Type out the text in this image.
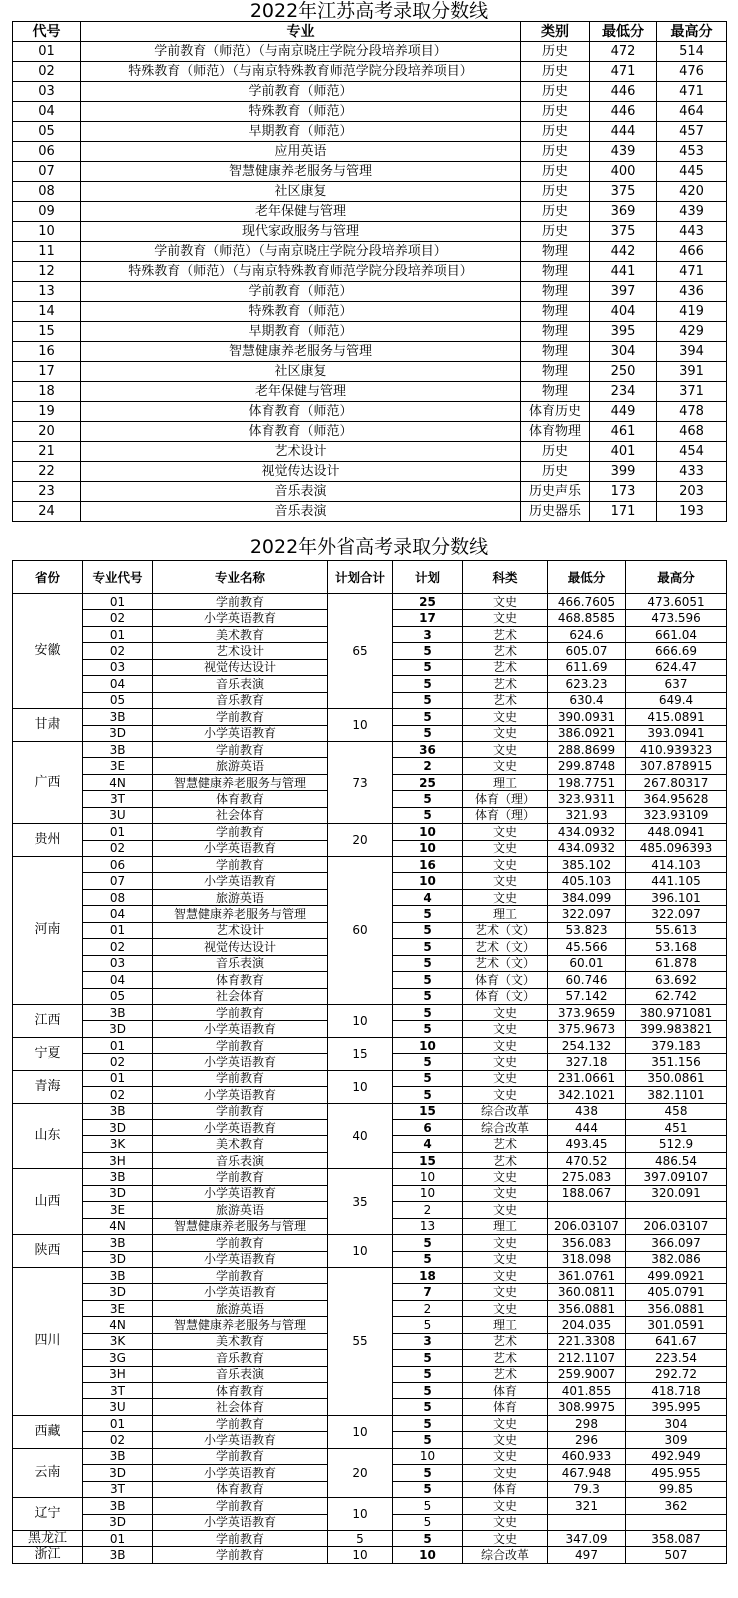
2022年江苏高考录取分数线
代号	专业	类别	最低分	最高分
01	学前教育（师范）（与南京晓庄学院分段培养项目）	历史	472	514
02	特殊教育（师范）（与南京特殊教育师范学院分段培养项目）	历史	471	476
03	学前教育（师范）	历史	446	471
04	特殊教育（师范）	历史	446	464
05	早期教育（师范）	历史	444	457
06	应用英语	历史	439	453
07	智慧健康养老服务与管理	历史	400	445
08	社区康复	历史	375	420
09	老年保健与管理	历史	369	439
10	现代家政服务与管理	历史	375	443
11	学前教育（师范）（与南京晓庄学院分段培养项目）	物理	442	466
12	特殊教育（师范）（与南京特殊教育师范学院分段培养项目）	物理	441	471
13	学前教育（师范）	物理	397	436
14	特殊教育（师范）	物理	404	419
15	早期教育（师范）	物理	395	429
16	智慧健康养老服务与管理	物理	304	394
17	社区康复	物理	250	391
18	老年保健与管理	物理	234	371
19	体育教育（师范）	体育历史	449	478
20	体育教育（师范）	体育物理	461	468
21	艺术设计	历史	401	454
22	视觉传达设计	历史	399	433
23	音乐表演	历史声乐	173	203
24	音乐表演	历史器乐	171	193
2022年外省高考录取分数线
省份	专业代号	专业名称	计划合计	计划	科类	最低分	最高分
安徽	01	学前教育	65	25	文史	466.7605	473.6051
	02	小学英语教育		17	文史	468.8585	473.596
	01	美术教育		3	艺术	624.6	661.04
	02	艺术设计		5	艺术	605.07	666.69
	03	视觉传达设计		5	艺术	611.69	624.47
	04	音乐表演		5	艺术	623.23	637
	05	音乐教育		5	艺术	630.4	649.4
甘肃	3B	学前教育	10	5	文史	390.0931	415.0891
	3D	小学英语教育		5	文史	386.0921	393.0941
广西	3B	学前教育	73	36	文史	288.8699	410.939323
	3E	旅游英语		2	文史	299.8748	307.878915
	4N	智慧健康养老服务与管理		25	理工	198.7751	267.80317
	3T	体育教育		5	体育（理）	323.9311	364.95628
	3U	社会体育		5	体育（理）	321.93	323.93109
贵州	01	学前教育	20	10	文史	434.0932	448.0941
	02	小学英语教育		10	文史	434.0932	485.096393
河南	06	学前教育	60	16	文史	385.102	414.103
	07	小学英语教育		10	文史	405.103	441.105
	08	旅游英语		4	文史	384.099	396.101
	04	智慧健康养老服务与管理		5	理工	322.097	322.097
	01	艺术设计		5	艺术（文）	53.823	55.613
	02	视觉传达设计		5	艺术（文）	45.566	53.168
	03	音乐表演		5	艺术（文）	60.01	61.878
	04	体育教育		5	体育（文）	60.746	63.692
	05	社会体育		5	体育（文）	57.142	62.742
江西	3B	学前教育	10	5	文史	373.9659	380.971081
	3D	小学英语教育		5	文史	375.9673	399.983821
宁夏	01	学前教育	15	10	文史	254.132	379.183
	02	小学英语教育		5	文史	327.18	351.156
青海	01	学前教育	10	5	文史	231.0661	350.0861
	02	小学英语教育		5	文史	342.1021	382.1101
山东	3B	学前教育	40	15	综合改革	438	458
	3D	小学英语教育		6	综合改革	444	451
	3K	美术教育		4	艺术	493.45	512.9
	3H	音乐表演		15	艺术	470.52	486.54
山西	3B	学前教育	35	10	文史	275.083	397.09107
	3D	小学英语教育		10	文史	188.067	320.091
	3E	旅游英语		2	文史		
	4N	智慧健康养老服务与管理		13	理工	206.03107	206.03107
陕西	3B	学前教育	10	5	文史	356.083	366.097
	3D	小学英语教育		5	文史	318.098	382.086
四川	3B	学前教育	55	18	文史	361.0761	499.0921
	3D	小学英语教育		7	文史	360.0811	405.0791
	3E	旅游英语		2	文史	356.0881	356.0881
	4N	智慧健康养老服务与管理		5	理工	204.035	301.0591
	3K	美术教育		3	艺术	221.3308	641.67
	3G	音乐教育		5	艺术	212.1107	223.54
	3H	音乐表演		5	艺术	259.9007	292.72
	3T	体育教育		5	体育	401.855	418.718
	3U	社会体育		5	体育	308.9975	395.995
西藏	01	学前教育	10	5	文史	298	304
	02	小学英语教育		5	文史	296	309
云南	3B	学前教育	20	10	文史	460.933	492.949
	3D	小学英语教育		5	文史	467.948	495.955
	3T	体育教育		5	体育	79.3	99.85
辽宁	3B	学前教育	10	5	文史	321	362
	3D	小学英语教育		5	文史		
黑龙江	01	学前教育	5	5	文史	347.09	358.087
浙江	3B	学前教育	10	10	综合改革	497	507
